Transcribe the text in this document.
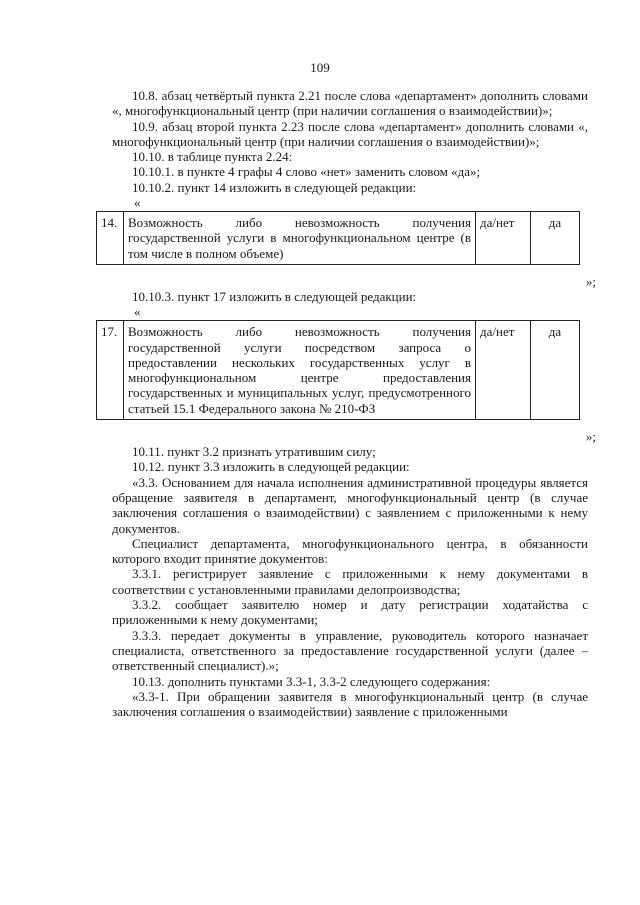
109

10.8. абзац четвёртый пункта 2.21 после слова «департамент» дополнить словами «, многофункциональный центр (при наличии соглашения о взаимодействии)»;

10.9. абзац второй пункта 2.23 после слова «департамент» дополнить словами «, многофункциональный центр (при наличии соглашения о взаимодействии)»;

10.10. в таблице пункта 2.24:

10.10.1. в пункте 4 графы 4 слово «нет» заменить словом «да»;

10.10.2. пункт 14 изложить в следующей редакции:

«
14.	Возможность либо невозможность получения государственной услуги в многофункциональном центре (в том числе в полном объеме)	да/нет	да
»;

10.10.3. пункт 17 изложить в следующей редакции:

«
17.	Возможность либо невозможность получения государственной услуги посредством запроса о предоставлении нескольких государственных услуг в многофункциональном центре предоставления государственных и муниципальных услуг, предусмотренного статьей 15.1 Федерального закона № 210-ФЗ	да/нет	да
»;

10.11. пункт 3.2 признать утратившим силу;

10.12. пункт 3.3 изложить в следующей редакции:

«3.3. Основанием для начала исполнения административной процедуры является обращение заявителя в департамент, многофункциональный центр (в случае заключения соглашения о взаимодействии) с заявлением с приложенными к нему документов.

Специалист департамента, многофункционального центра, в обязанности которого входит принятие документов:

3.3.1. регистрирует заявление с приложенными к нему документами в соответствии с установленными правилами делопроизводства;

3.3.2. сообщает заявителю номер и дату регистрации ходатайства с приложенными к нему документами;

3.3.3. передает документы в управление, руководитель которого назначает специалиста, ответственного за предоставление государственной услуги (далее – ответственный специалист).»;

10.13. дополнить пунктами 3.3-1, 3.3-2 следующего содержания:

«3.3-1. При обращении заявителя в многофункциональный центр (в случае заключения соглашения о взаимодействии) заявление с приложенными
